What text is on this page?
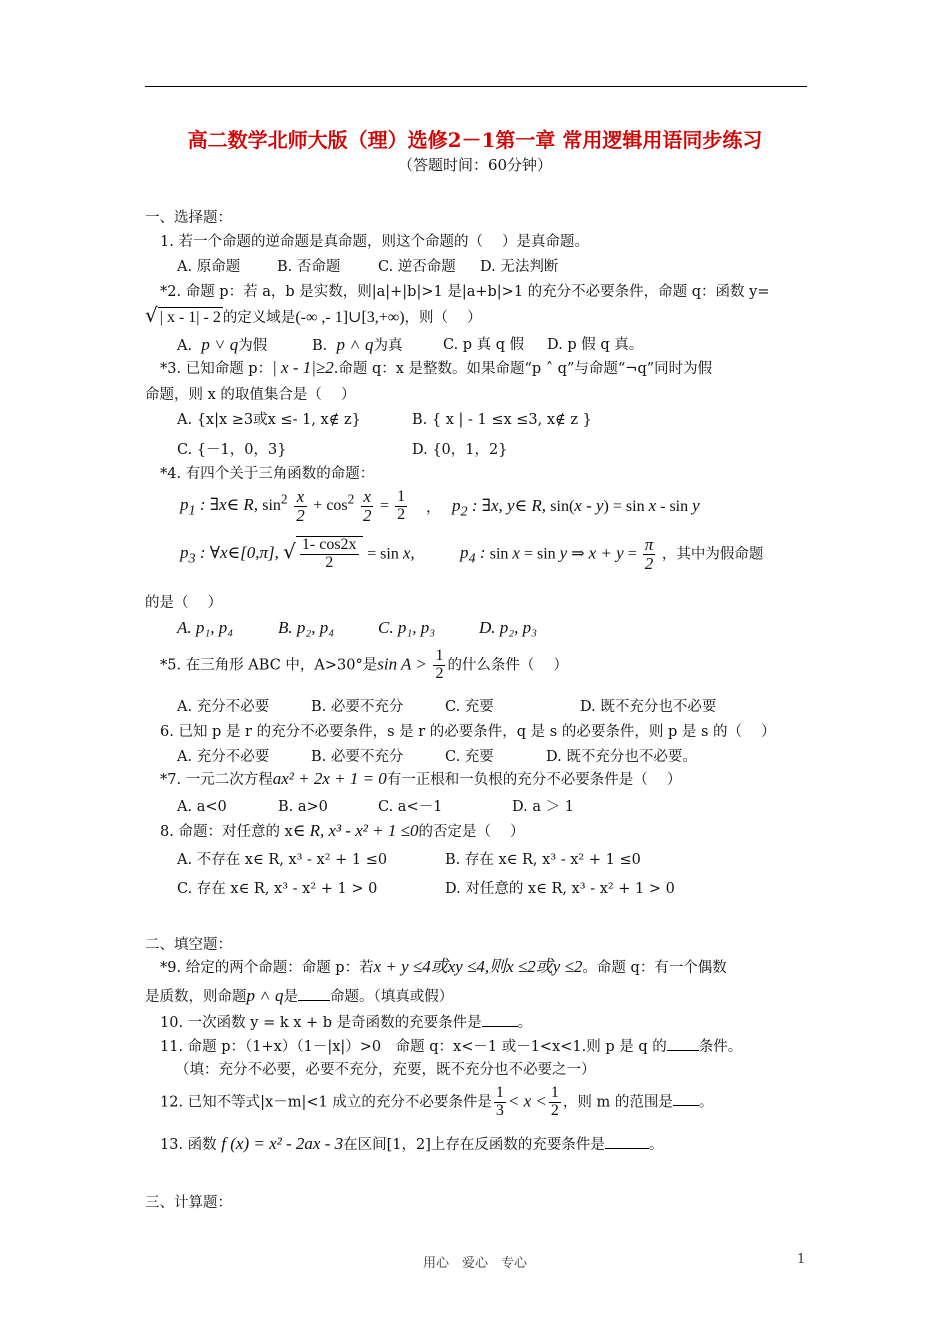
高二数学北师大版（理）选修2－1第一章 常用逻辑用语同步练习
（答题时间：60分钟）
一、选择题：
1. 若一个命题的逆命题是真命题，则这个命题的（　 ）是真命题。
A. 原命题	B. 否命题	C. 逆否命题 D. 无法判断
*2. 命题 p：若 a，b 是实数，则|a|+|b|>1 是|a+b|>1 的充分不必要条件，命题 q：函数 y=
√ | x - 1| - 2 的定义域是(-∞ ,- 1]∪[3,+∞)，则（　 ）
A. p ˅ q为假	B. p ˄ q为真	C. p 真 q 假 D. p 假 q 真。
*3. 已知命题 p：| x - 1|≥2.命题 q：x 是整数。如果命题“p ˄ q”与命题“¬q”同时为假
命题，则 x 的取值集合是（　 ）
A. {x|x ≥3或x ≤- 1, x∉ z}	B. { x | - 1 ≤x ≤3, x∉ z }
C. {－1，0，3}	D. {0，1，2}
*4. 有四个关于三角函数的命题：
$p_1$ : ∃x∈ R, $\sin^2 \frac{x}{2} + \cos^2 \frac{x}{2} = \frac{1}{2}$ ， $p_2$ : ∃x, y∈ R, sin(x - y) = sin x - sin y
$p_3$ : ∀x∈[0,π], √ $\frac{1- \cos 2x}{2} = \sin x$,	$p_4$ : sin x = sin y ⇒ $x + y = \frac{\pi}{2}$ ，其中为假命题
的是（　 ）
A. p₁, p₄	B. p₂, p₄	C. p₁, p₃	D. p₂, p₃
*5. 在三角形 ABC 中，A>30°是$\sin A > \frac{1}{2}$ 的什么条件（　 ）
A. 充分不必要	B. 必要不充分	C. 充要	D. 既不充分也不必要
6. 已知 p 是 r 的充分不必要条件，s 是 r 的必要条件，q 是 s 的必要条件，则 p 是 s 的（　 ）
A. 充分不必要	B. 必要不充分	C. 充要	D. 既不充分也不必要。
*7. 一元二次方程ax² + 2x + 1 = 0有一正根和一负根的充分不必要条件是（　 ）
A. a<0	B. a>0	C. a<－1	D. a ＞ 1
8. 命题：对任意的 x∈ R, x³ - x² + 1 ≤0的否定是（　 ）
A. 不存在 x∈ R, x³ - x² + 1 ≤0	B. 存在 x∈ R, x³ - x² + 1 ≤0
C. 存在 x∈ R, x³ - x² + 1 > 0	D. 对任意的 x∈ R, x³ - x² + 1 > 0
二、填空题：
*9. 给定的两个命题：命题 p：若x + y ≤4或xy ≤4,则x ≤2或y ≤2。命题 q：有一个偶数
是质数，则命题p ˄ q是 命题。（填真或假）
10. 一次函数 y = k x + b 是奇函数的充要条件是 。
11. 命题 p：（1+x）（1－|x|）>0　命题 q：x<－1 或－1<x<1.则 p 是 q 的 条件。
（填：充分不必要，必要不充分，充要，既不充分也不必要之一）
12. 已知不等式|x－m|<1 成立的充分不必要条件是 $\frac{1}{3} < x < \frac{1}{2}$ ，则 m 的范围是 。
13. 函数 f (x) = x² - 2ax - 3在区间[1，2]上存在反函数的充要条件是	。
三、计算题：
用心　爱心　专心	1
